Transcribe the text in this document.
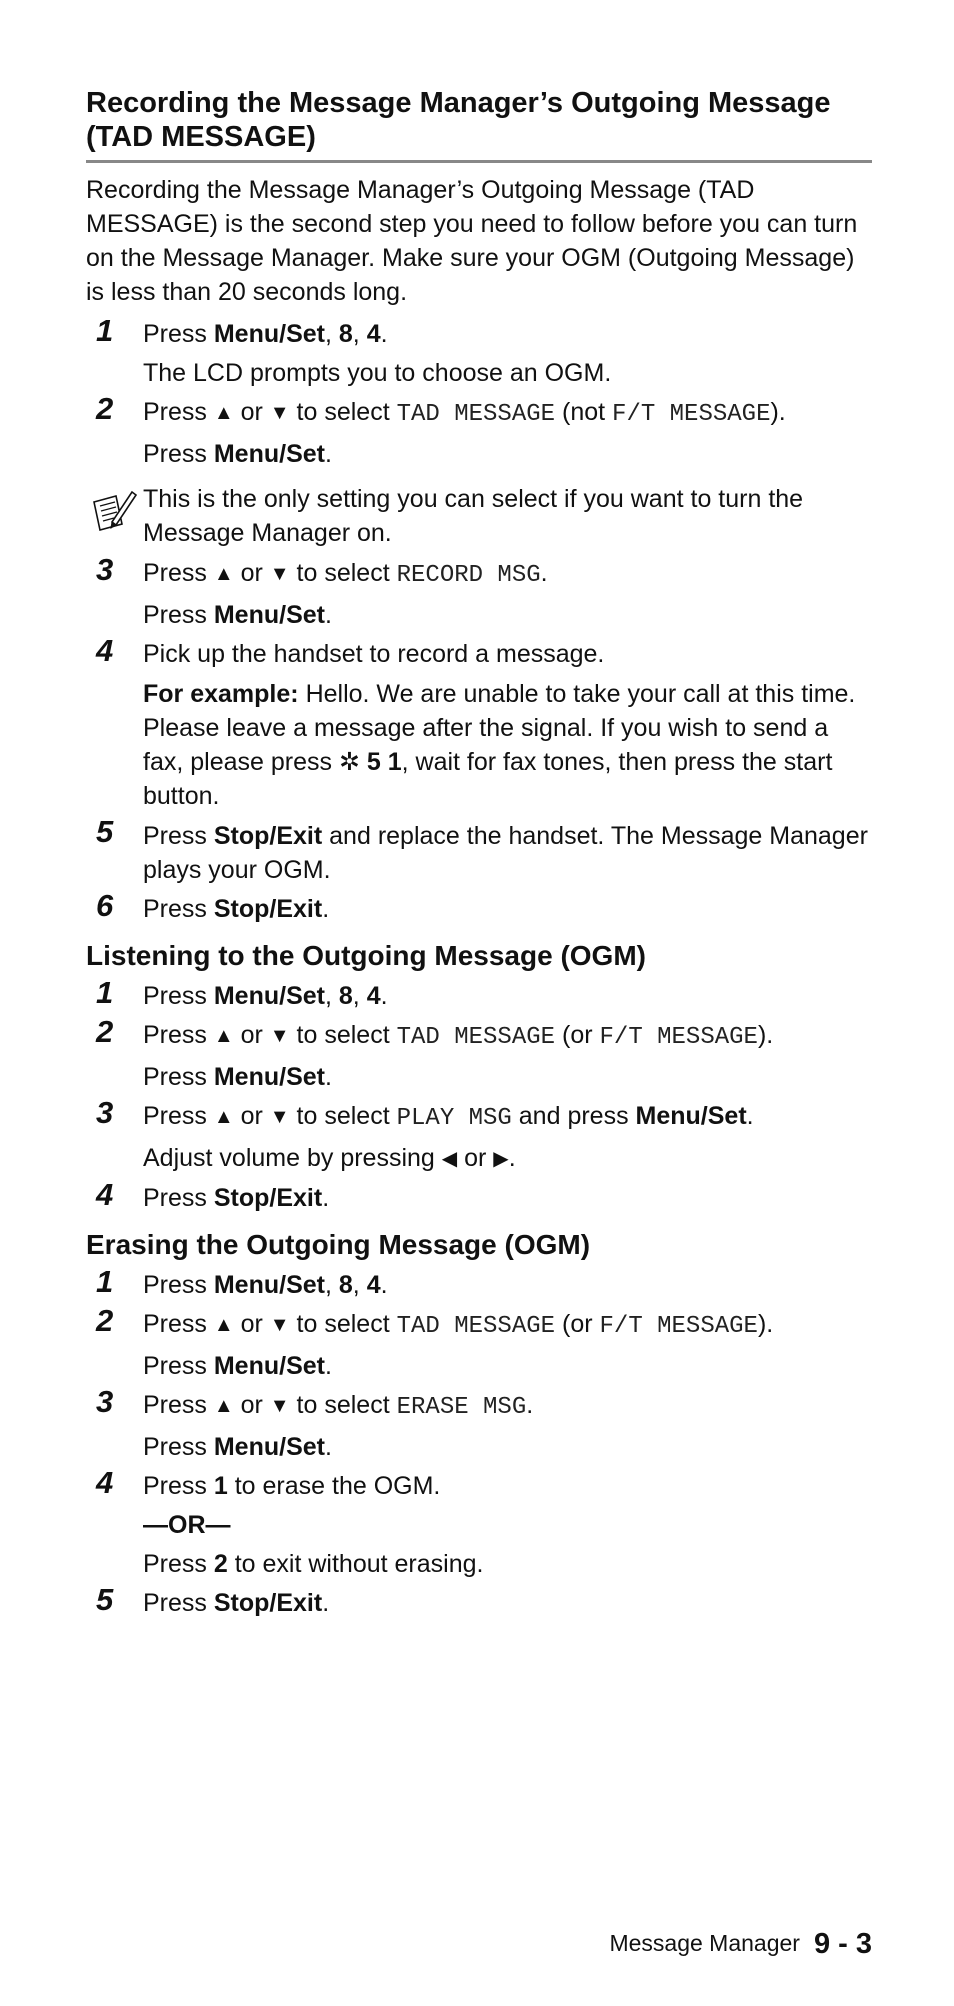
Recording the Message Manager’s Outgoing Message
(TAD MESSAGE)

Recording the Message Manager’s Outgoing Message (TAD MESSAGE) is the second step you need to follow before you can turn on the Message Manager. Make sure your OGM (Outgoing Message) is less than 20 seconds long.

1 Press Menu/Set, 8, 4.
The LCD prompts you to choose an OGM.
2 Press ▲ or ▼ to select TAD MESSAGE (not F/T MESSAGE).
Press Menu/Set.
This is the only setting you can select if you want to turn the Message Manager on.
3 Press ▲ or ▼ to select RECORD MSG.
Press Menu/Set.
4 Pick up the handset to record a message.
For example: Hello. We are unable to take your call at this time. Please leave a message after the signal. If you wish to send a fax, please press ✲ 5 1, wait for fax tones, then press the start button.
5 Press Stop/Exit and replace the handset. The Message Manager plays your OGM.
6 Press Stop/Exit.
Listening to the Outgoing Message (OGM)
1 Press Menu/Set, 8, 4.
2 Press ▲ or ▼ to select TAD MESSAGE (or F/T MESSAGE).
Press Menu/Set.
3 Press ▲ or ▼ to select PLAY MSG and press Menu/Set.
Adjust volume by pressing ◀ or ▶.
4 Press Stop/Exit.
Erasing the Outgoing Message (OGM)
1 Press Menu/Set, 8, 4.
2 Press ▲ or ▼ to select TAD MESSAGE (or F/T MESSAGE).
Press Menu/Set.
3 Press ▲ or ▼ to select ERASE MSG.
Press Menu/Set.
4 Press 1 to erase the OGM.
—OR—
Press 2 to exit without erasing.
5 Press Stop/Exit.
Message Manager 9 - 3
